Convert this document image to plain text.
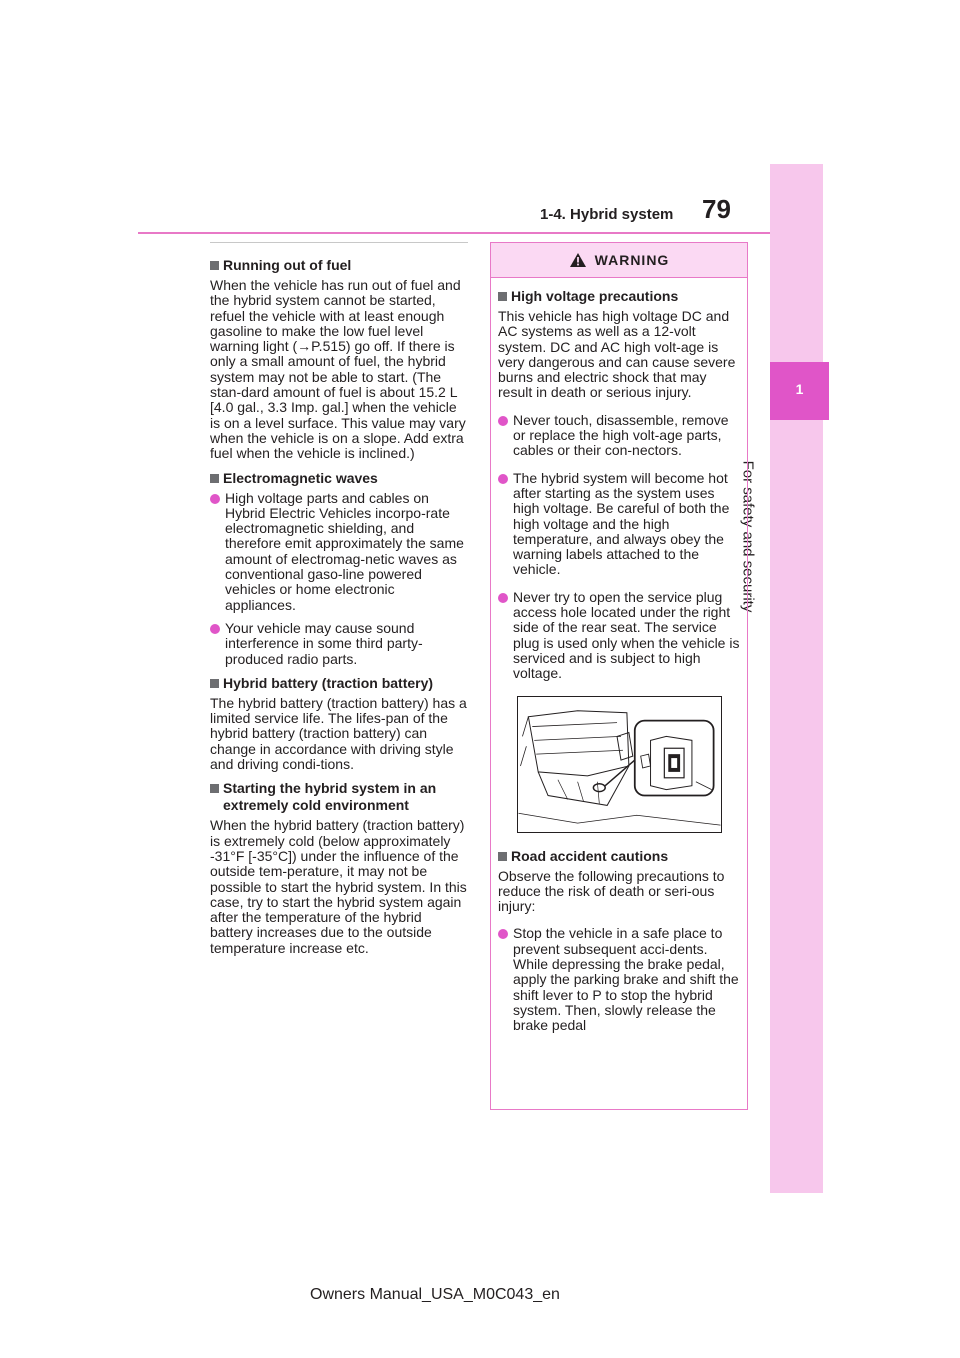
1-4. Hybrid system 79
1
For safety and security
Running out of fuel

When the vehicle has run out of fuel and the hybrid system cannot be started, refuel the vehicle with at least enough gasoline to make the low fuel level warning light (→P.515) go off. If there is only a small amount of fuel, the hybrid system may not be able to start. (The stan-dard amount of fuel is about 15.2 L [4.0 gal., 3.3 Imp. gal.] when the vehicle is on a level surface. This value may vary when the vehicle is on a slope. Add extra fuel when the vehicle is inclined.)

Electromagnetic waves
High voltage parts and cables on Hybrid Electric Vehicles incorpo-rate electromagnetic shielding, and therefore emit approximately the same amount of electromag-netic waves as conventional gaso-line powered vehicles or home electronic appliances.
Your vehicle may cause sound interference in some third party-produced radio parts.
Hybrid battery (traction battery)

The hybrid battery (traction battery) has a limited service life. The lifes-pan of the hybrid battery (traction battery) can change in accordance with driving style and driving condi-tions.

Starting the hybrid system in an extremely cold environment

When the hybrid battery (traction battery) is extremely cold (below approximately -31°F [-35°C]) under the influence of the outside tem-perature, it may not be possible to start the hybrid system. In this case, try to start the hybrid system again after the temperature of the hybrid battery increases due to the outside temperature increase etc.

WARNING
High voltage precautions

This vehicle has high voltage DC and AC systems as well as a 12-volt system. DC and AC high volt-age is very dangerous and can cause severe burns and electric shock that may result in death or serious injury.

Never touch, disassemble, remove or replace the high volt-age parts, cables or their con-nectors.
The hybrid system will become hot after starting as the system uses high voltage. Be careful of both the high voltage and the high temperature, and always obey the warning labels attached to the vehicle.
Never try to open the service plug access hole located under the right side of the rear seat. The service plug is used only when the vehicle is serviced and is subject to high voltage.
Road accident cautions

Observe the following precautions to reduce the risk of death or seri-ous injury:

Stop the vehicle in a safe place to prevent subsequent acci-dents. While depressing the brake pedal, apply the parking brake and shift the shift lever to P to stop the hybrid system. Then, slowly release the brake pedal
Owners Manual_USA_M0C043_en
